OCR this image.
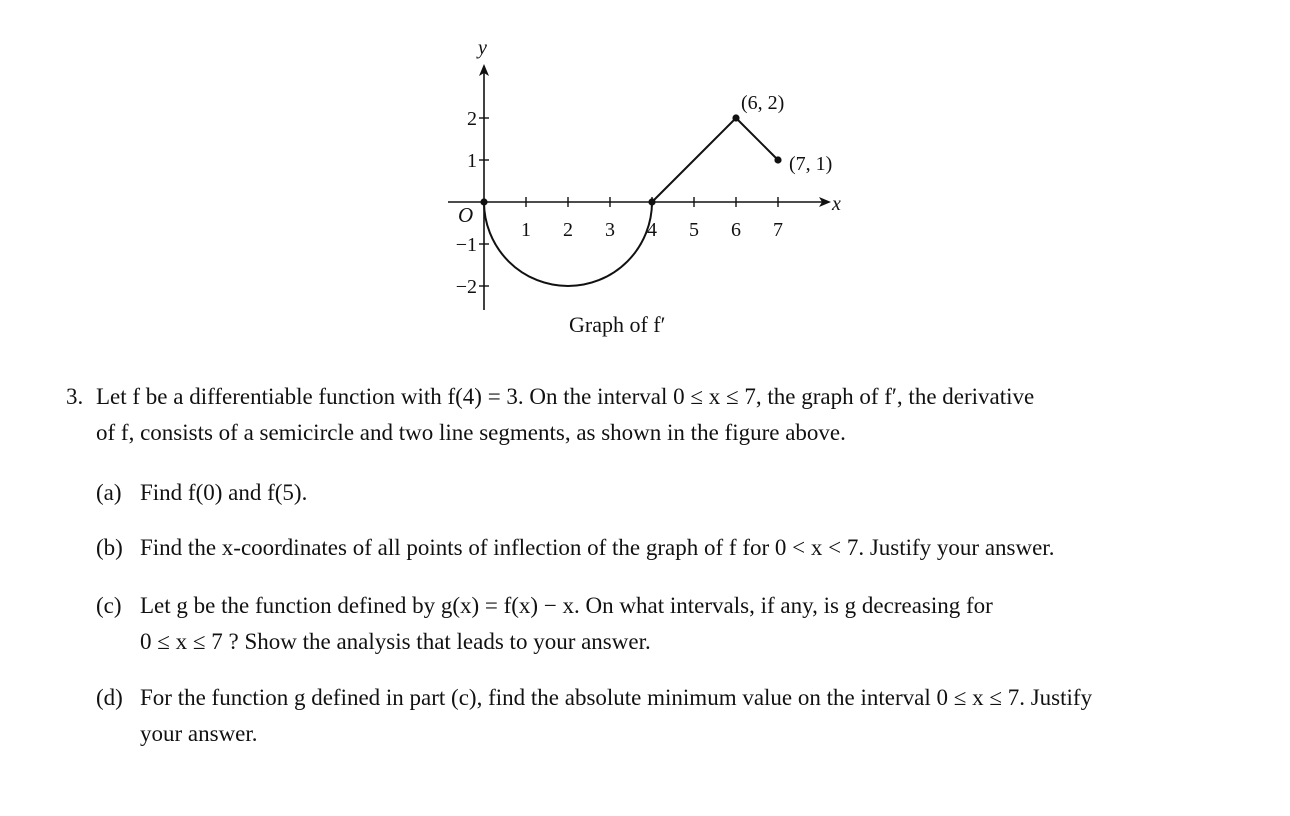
1 2 3 4 5 6 7
2
1
−1
−2
x
y
O
(6, 2)
(7, 1)
Graph of f′
3. Let f be a differentiable function with f(4) = 3. On the interval 0 ≤ x ≤ 7, the graph of f′, the derivative
of f, consists of a semicircle and two line segments, as shown in the figure above.
(a) Find f(0) and f(5).
(b) Find the x-coordinates of all points of inflection of the graph of f for 0 < x < 7. Justify your answer.
(c) Let g be the function defined by g(x) = f(x) − x. On what intervals, if any, is g decreasing for
0 ≤ x ≤ 7 ? Show the analysis that leads to your answer.
(d) For the function g defined in part (c), find the absolute minimum value on the interval 0 ≤ x ≤ 7. Justify
your answer.
